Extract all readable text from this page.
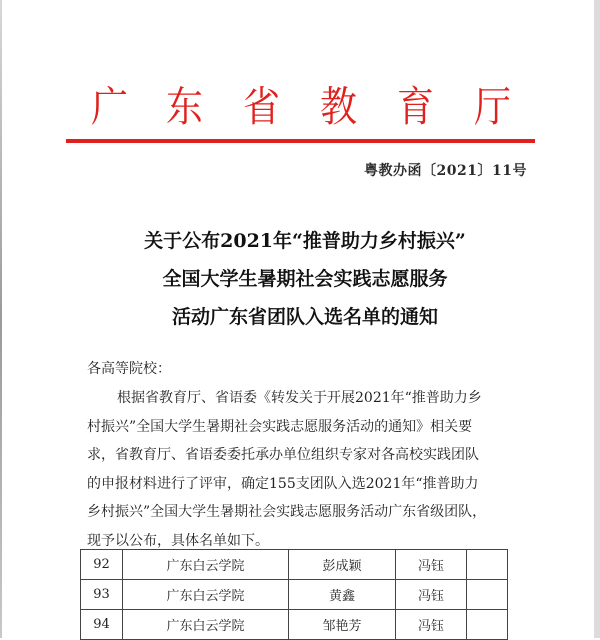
广 东 省 教 育 厅
粤教办函〔2021〕11号
关于公布2021年“推普助力乡村振兴”
全国大学生暑期社会实践志愿服务
活动广东省团队入选名单的通知
各高等院校：
根据省教育厅、省语委《转发关于开展2021年“推普助力乡
村振兴”全国大学生暑期社会实践志愿服务活动的通知》相关要
求，省教育厅、省语委委托承办单位组织专家对各高校实践团队
的申报材料进行了评审，确定155支团队入选2021年“推普助力
乡村振兴”全国大学生暑期社会实践志愿服务活动广东省级团队，
现予以公布，具体名单如下。
92	广东白云学院	彭成颖	冯钰	
93	广东白云学院	黄鑫	冯钰	
94	广东白云学院	邹艳芳	冯钰	
